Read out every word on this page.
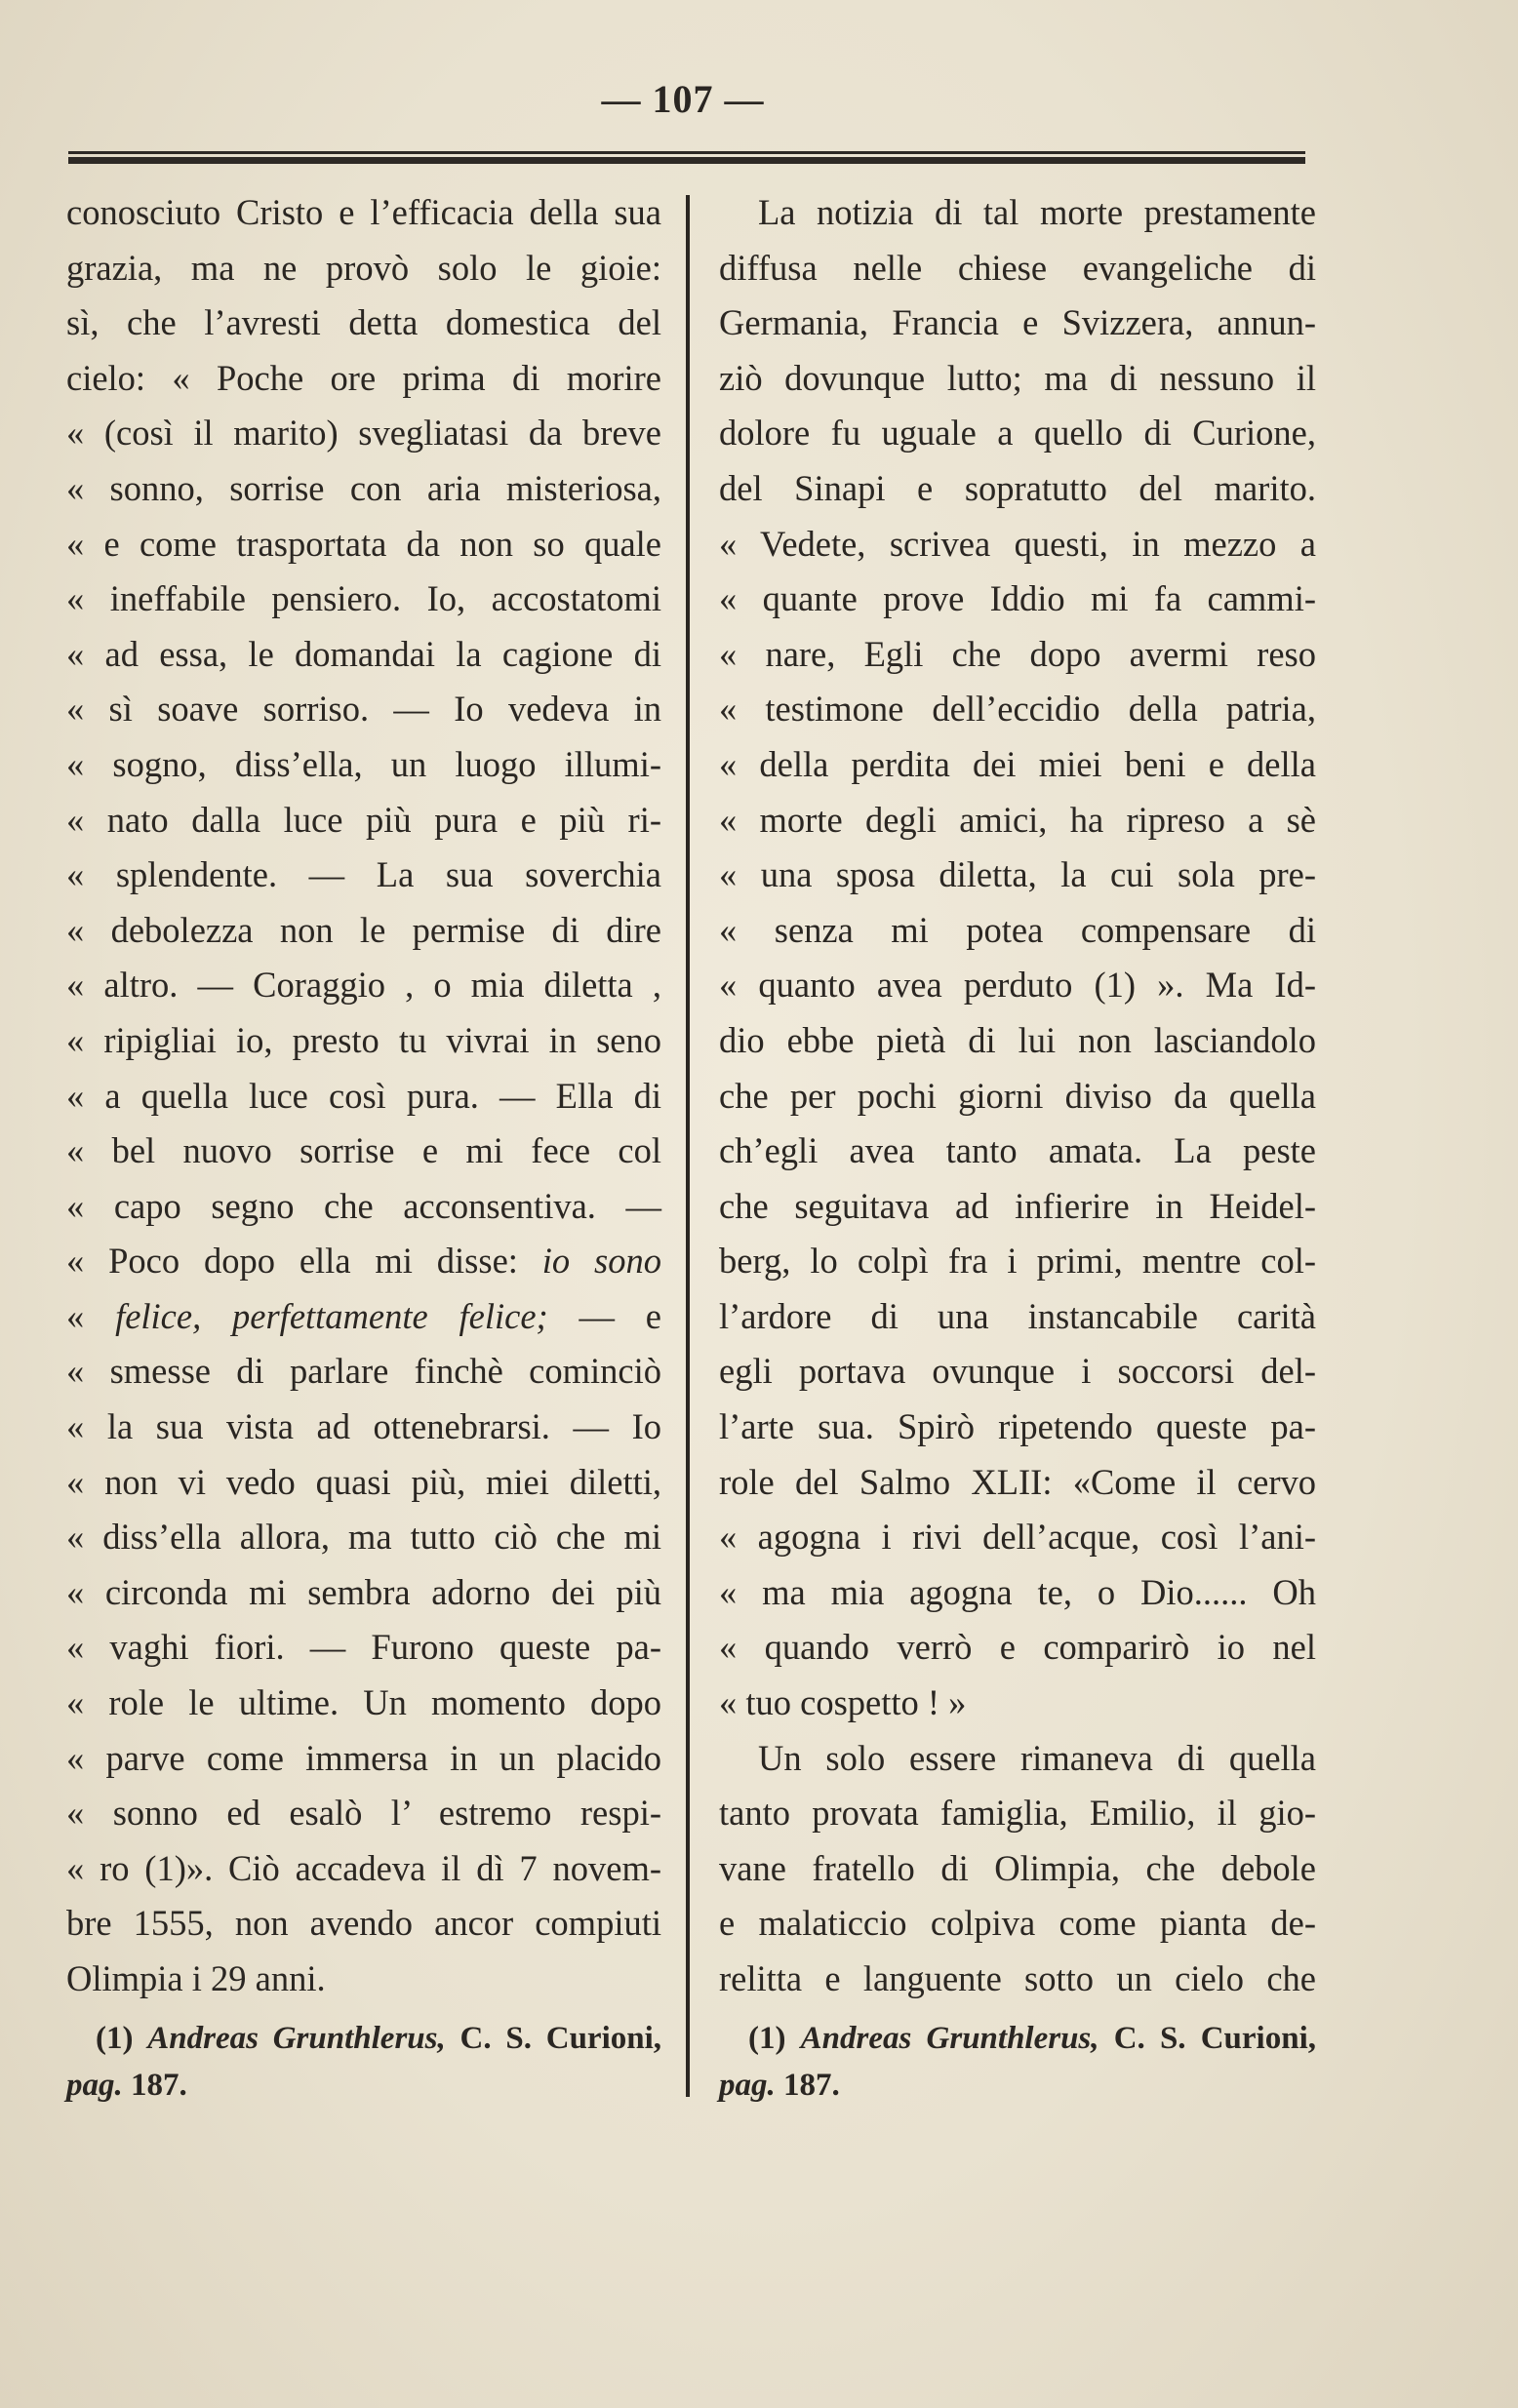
— 107 —
conosciuto Cristo e l’efficacia della sua
grazia, ma ne provò solo le gioie:
sì, che l’avresti detta domestica del
cielo: « Poche ore prima di morire
« (così il marito) svegliatasi da breve
« sonno, sorrise con aria misteriosa,
« e come trasportata da non so quale
« ineffabile pensiero. Io, accostatomi
« ad essa, le domandai la cagione di
« sì soave sorriso. — Io vedeva in
« sogno, diss’ella, un luogo illumi-
« nato dalla luce più pura e più ri-
« splendente. — La sua soverchia
« debolezza non le permise di dire
« altro. — Coraggio , o mia diletta ,
« ripigliai io, presto tu vivrai in seno
« a quella luce così pura. — Ella di
« bel nuovo sorrise e mi fece col
« capo segno che acconsentiva. —
« Poco dopo ella mi disse: io sono
« felice, perfettamente felice; — e
« smesse di parlare finchè cominciò
« la sua vista ad ottenebrarsi. — Io
« non vi vedo quasi più, miei diletti,
« diss’ella allora, ma tutto ciò che mi
« circonda mi sembra adorno dei più
« vaghi fiori. — Furono queste pa-
« role le ultime. Un momento dopo
« parve come immersa in un placido
« sonno ed esalò l’ estremo respi-
« ro (1)». Ciò accadeva il dì 7 novem-
bre 1555, non avendo ancor compiuti
Olimpia i 29 anni.
La notizia di tal morte prestamente
diffusa nelle chiese evangeliche di
Germania, Francia e Svizzera, annun-
ziò dovunque lutto; ma di nessuno il
dolore fu uguale a quello di Curione,
del Sinapi e sopratutto del marito.
« Vedete, scrivea questi, in mezzo a
« quante prove Iddio mi fa cammi-
« nare, Egli che dopo avermi reso
« testimone dell’eccidio della patria,
« della perdita dei miei beni e della
« morte degli amici, ha ripreso a sè
« una sposa diletta, la cui sola pre-
« senza mi potea compensare di
« quanto avea perduto (1) ». Ma Id-
dio ebbe pietà di lui non lasciandolo
che per pochi giorni diviso da quella
ch’egli avea tanto amata. La peste
che seguitava ad infierire in Heidel-
berg, lo colpì fra i primi, mentre col-
l’ardore di una instancabile carità
egli portava ovunque i soccorsi del-
l’arte sua. Spirò ripetendo queste pa-
role del Salmo XLII: «Come il cervo
« agogna i rivi dell’acque, così l’ani-
« ma mia agogna te, o Dio...... Oh
« quando verrò e comparirò io nel
« tuo cospetto ! »
Un solo essere rimaneva di quella
tanto provata famiglia, Emilio, il gio-
vane fratello di Olimpia, che debole
e malaticcio colpiva come pianta de-
relitta e languente sotto un cielo che
(1) Andreas Grunthlerus, C. S. Curioni,
pag. 187.
(1) Andreas Grunthlerus, C. S. Curioni,
pag. 187.
